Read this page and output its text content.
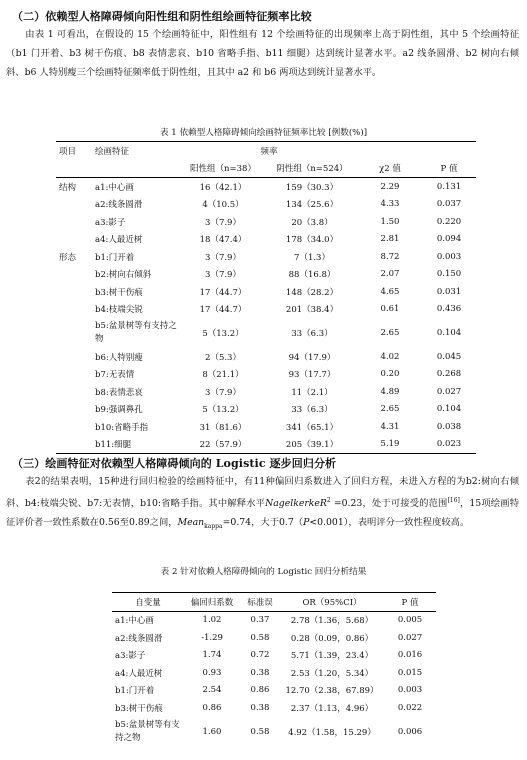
（二）依赖型人格障碍倾向阳性组和阴性组绘画特征频率比较
由表 1 可看出，在假设的 15 个绘画特征中，阳性组有 12 个绘画特征的出现频率上高于阴性组，其中 5 个绘画特征（b1 门开着、b3 树干伤痕、b8 表情悲哀、b10 省略手指、b11 细腿）达到统计显著水平。a2 线条圆滑、b2 树向右倾斜、b6 人特别瘦三个绘画特征频率低于阴性组，且其中 a2 和 b6 两项达到统计显著水平。
表 1 依赖型人格障碍倾向绘画特征频率比较 [例数(%)]
项目	绘画特征	频率			
		阳性组（n=38）	阴性组（n=524）	χ2 值	P 值
结构	a1:中心画	16（42.1）	159（30.3）	2.29	0.131
	a2:线条圆滑	4（10.5）	134（25.6）	4.33	0.037
	a3:影子	3（7.9）	20（3.8）	1.50	0.220
	a4:人最近树	18（47.4）	178（34.0）	2.81	0.094
形态	b1:门开着	3（7.9）	7（1.3）	8.72	0.003
	b2:树向右倾斜	3（7.9）	88（16.8）	2.07	0.150
	b3:树干伤痕	17（44.7）	148（28.2）	4.65	0.031
	b4:枝端尖锐	17（44.7）	201（38.4）	0.61	0.436
	b5:盆景树等有支持之物	5（13.2）	33（6.3）	2.65	0.104
	b6:人特别瘦	2（5.3）	94（17.9）	4.02	0.045
	b7:无表情	8（21.1）	93（17.7）	0.20	0.268
	b8:表情悲哀	3（7.9）	11（2.1）	4.89	0.027
	b9:强调鼻孔	5（13.2）	33（6.3）	2.65	0.104
	b10:省略手指	31（81.6）	341（65.1）	4.31	0.038
	b11:细腿	22（57.9）	205（39.1）	5.19	0.023
（三）绘画特征对依赖型人格障碍倾向的 Logistic 逐步回归分析
表2的结果表明，15种进行回归检验的绘画特征中，有11种偏回归系数进入了回归方程，未进入方程的为b2:树向右倾斜、b4:枝端尖锐、b7:无表情，b10:省略手指。其中解释水平NagelkerkeR$^2$ =0.23，处于可接受的范围[16]，15项绘画特征评价者一致性系数在0.56至0.89之间，Mean$_{kappa}$=0.74，大于0.7（P<0.001），表明评分一致性程度较高。
表 2 针对依赖人格障碍倾向的 Logistic 回归分析结果
自变量	偏回归系数	标准误	OR（95%CI）	P 值
a1:中心画	1.02	0.37	2.78（1.36，5.68）	0.005
a2:线条圆滑	-1.29	0.58	0.28（0.09，0.86）	0.027
a3:影子	1.74	0.72	5.71（1.39，23.4）	0.016
a4:人最近树	0.93	0.38	2.53（1.20，5.34）	0.015
b1:门开着	2.54	0.86	12.70（2.38，67.89）	0.003
b3:树干伤痕	0.86	0.38	2.37（1.13，4.96）	0.022
b5:盆景树等有支持之物	1.60	0.58	4.92（1.58，15.29）	0.006
